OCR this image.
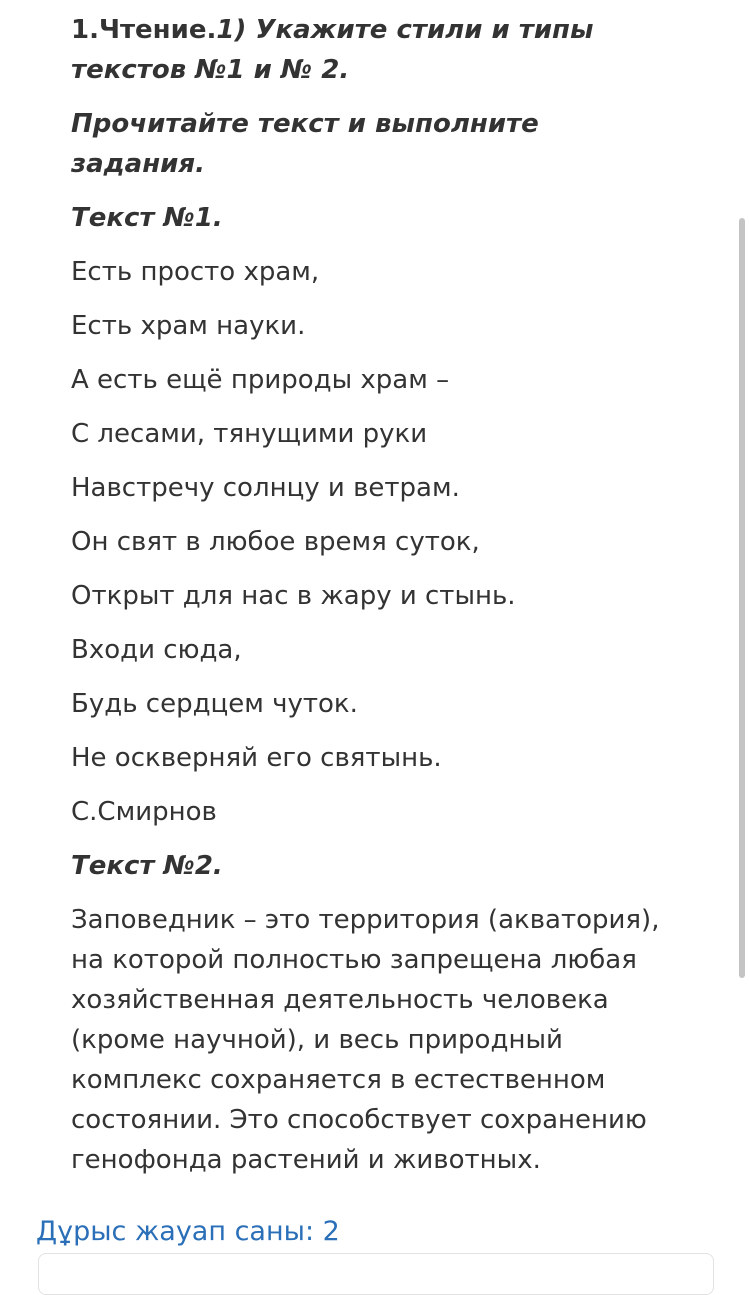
1.Чтение.1) Укажите стили и типы текстов №1 и № 2.

Прочитайте текст и выполните задания.

Текст №1.

Есть просто храм,

Есть храм науки.

А есть ещё природы храм –

С лесами, тянущими руки

Навстречу солнцу и ветрам.

Он свят в любое время суток,

Открыт для нас в жару и стынь.

Входи сюда,

Будь сердцем чуток.

Не оскверняй его святынь.

С.Смирнов

Текст №2.

Заповедник – это территория (акватория), на которой полностью запрещена любая хозяйственная деятельность человека (кроме научной), и весь природный комплекс сохраняется в естественном состоянии. Это способствует сохранению генофонда растений и животных.

Дұрыс жауап саны: 2
